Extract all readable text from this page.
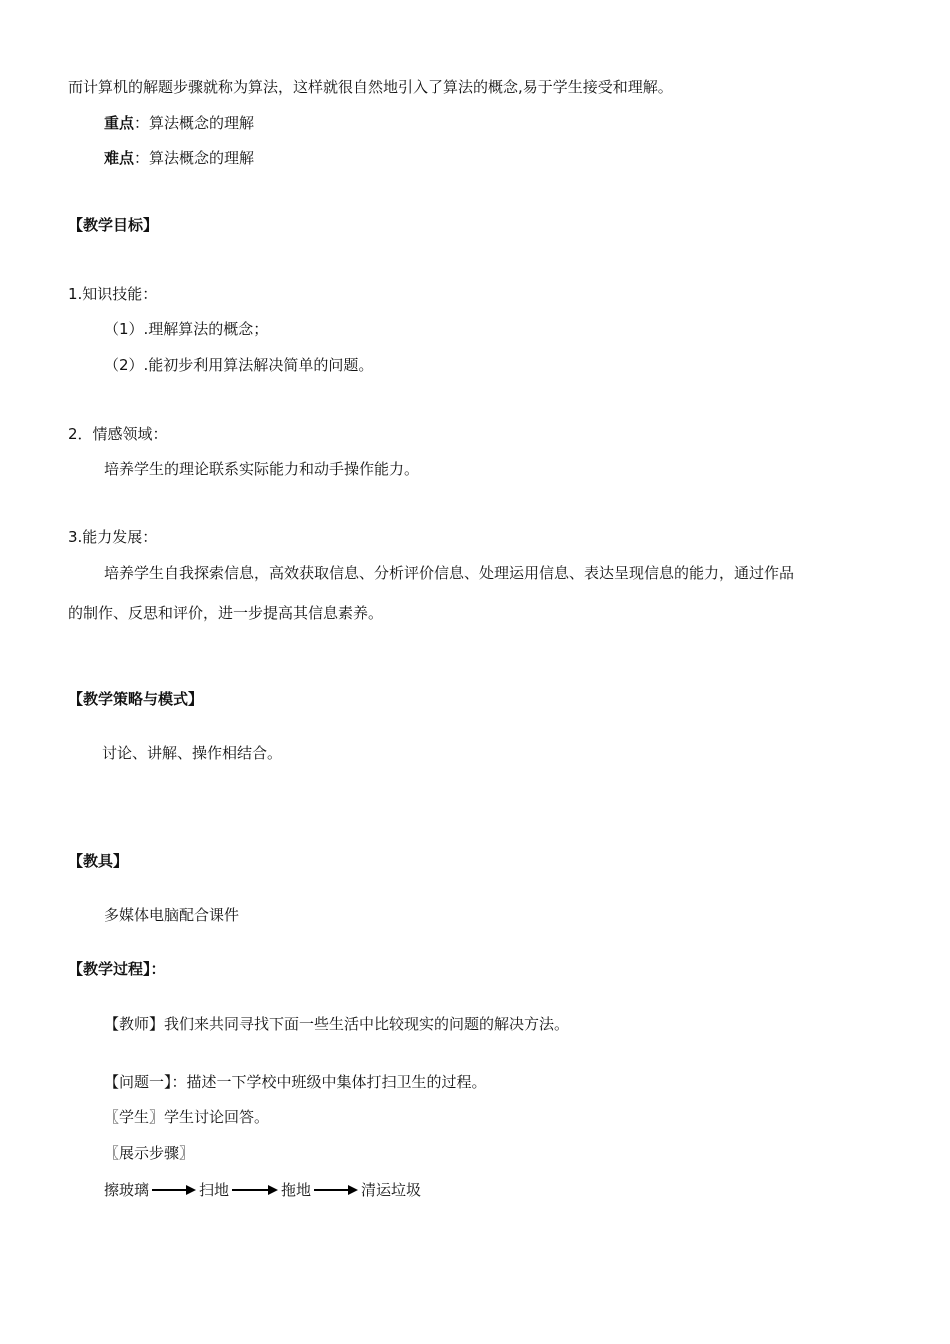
而计算机的解题步骤就称为算法，这样就很自然地引入了算法的概念,易于学生接受和理解。
重点：算法概念的理解
难点：算法概念的理解
【教学目标】
1.知识技能：
（1）.理解算法的概念；
（2）.能初步利用算法解决简单的问题。
2．情感领域：
培养学生的理论联系实际能力和动手操作能力。
3.能力发展：
培养学生自我探索信息，高效获取信息、分析评价信息、处理运用信息、表达呈现信息的能力，通过作品
的制作、反思和评价，进一步提高其信息素养。
【教学策略与模式】
讨论、讲解、操作相结合。
【教具】
多媒体电脑配合课件
【教学过程】：
【教师】我们来共同寻找下面一些生活中比较现实的问题的解决方法。
【问题一】：描述一下学校中班级中集体打扫卫生的过程。
〖学生〗学生讨论回答。
〖展示步骤〗
擦玻璃	扫地	拖地	清运垃圾
